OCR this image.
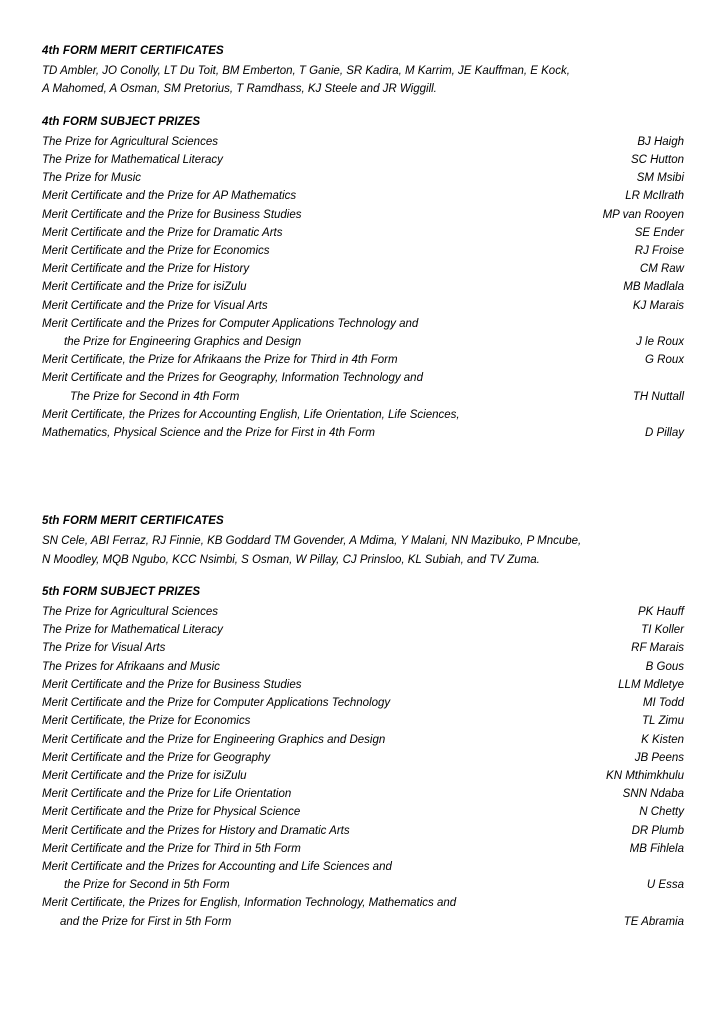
4th FORM MERIT CERTIFICATES
TD Ambler, JO Conolly, LT Du Toit, BM Emberton, T Ganie, SR Kadira, M Karrim, JE Kauffman, E Kock,
A Mahomed, A Osman, SM Pretorius, T Ramdhass, KJ Steele and JR Wiggill.
4th FORM SUBJECT PRIZES
The Prize for Agricultural Sciences	BJ Haigh
The Prize for Mathematical Literacy	SC Hutton
The Prize for Music	SM Msibi
Merit Certificate and the Prize for AP Mathematics	LR McIlrath
Merit Certificate and the Prize for Business Studies	MP van Rooyen
Merit Certificate and the Prize for Dramatic Arts	SE Ender
Merit Certificate and the Prize for Economics	RJ Froise
Merit Certificate and the Prize for History	CM Raw
Merit Certificate and the Prize for isiZulu	MB Madlala
Merit Certificate and the Prize for Visual Arts	KJ Marais
Merit Certificate and the Prizes for Computer Applications Technology and
the Prize for Engineering Graphics and Design	J le Roux
Merit Certificate, the Prize for Afrikaans the Prize for Third in 4th Form	G Roux
Merit Certificate and the Prizes for Geography, Information Technology and
The Prize for Second in 4th Form	TH Nuttall
Merit Certificate, the Prizes for Accounting English, Life Orientation, Life Sciences,
Mathematics, Physical Science and the Prize for First in 4th Form	D Pillay
5th FORM MERIT CERTIFICATES
SN Cele, ABI Ferraz, RJ Finnie, KB Goddard TM Govender, A Mdima, Y Malani, NN Mazibuko, P Mncube,
N Moodley, MQB Ngubo, KCC Nsimbi, S Osman, W Pillay, CJ Prinsloo, KL Subiah, and TV Zuma.
5th FORM SUBJECT PRIZES
The Prize for Agricultural Sciences	PK Hauff
The Prize for Mathematical Literacy	TI Koller
The Prize for Visual Arts	RF Marais
The Prizes for Afrikaans and Music	B Gous
Merit Certificate and the Prize for Business Studies	LLM Mdletye
Merit Certificate and the Prize for Computer Applications Technology	MI Todd
Merit Certificate, the Prize for Economics	TL Zimu
Merit Certificate and the Prize for Engineering Graphics and Design	K Kisten
Merit Certificate and the Prize for Geography	JB Peens
Merit Certificate and the Prize for isiZulu	KN Mthimkhulu
Merit Certificate and the Prize for Life Orientation	SNN Ndaba
Merit Certificate and the Prize for Physical Science	N Chetty
Merit Certificate and the Prizes for History and Dramatic Arts	DR Plumb
Merit Certificate and the Prize for Third in 5th Form	MB Fihlela
Merit Certificate and the Prizes for Accounting and Life Sciences and
the Prize for Second in 5th Form	U Essa
Merit Certificate, the Prizes for English, Information Technology, Mathematics and
and the Prize for First in 5th Form	TE Abramia
